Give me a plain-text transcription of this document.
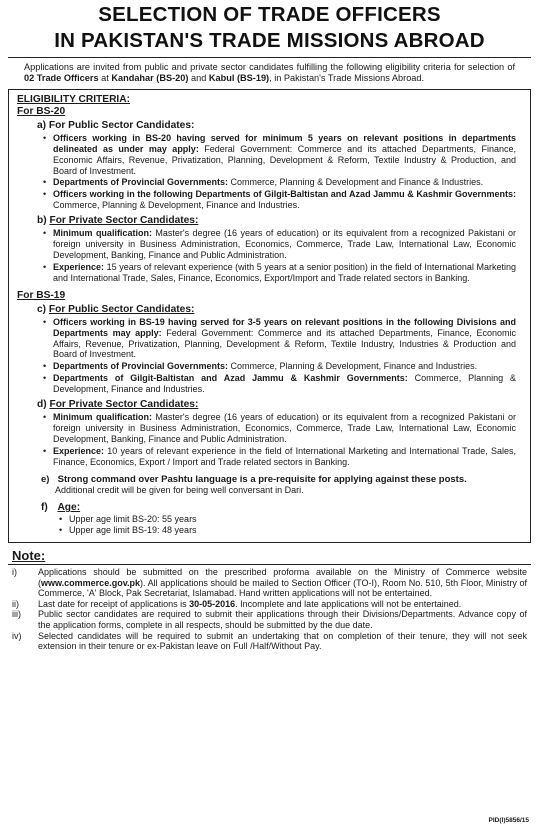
SELECTION OF TRADE OFFICERS
IN PAKISTAN'S TRADE MISSIONS ABROAD
Applications are invited from public and private sector candidates fulfilling the following eligibility criteria for selection of 02 Trade Officers at Kandahar (BS-20) and Kabul (BS-19), in Pakistan's Trade Missions Abroad.
ELIGIBILITY CRITERIA:
For BS-20
a) For Public Sector Candidates:
• Officers working in BS-20 having served for minimum 5 years on relevant positions in departments delineated as under may apply: Federal Government: Commerce and its attached Departments, Finance, Economic Affairs, Revenue, Privatization, Planning, Development & Reform, Textile Industry & Production, and Board of Investment.
• Departments of Provincial Governments: Commerce, Planning & Development and Finance & Industries.
• Officers working in the following Departments of Gilgit-Baltistan and Azad Jammu & Kashmir Governments: Commerce, Planning & Development, Finance and Industries.
b) For Private Sector Candidates:
• Minimum qualification: Master's degree (16 years of education) or its equivalent from a recognized Pakistani or foreign university in Business Administration, Economics, Commerce, Trade Law, International Law, Economic Development, Banking, Finance and Public Administration.
• Experience: 15 years of relevant experience (with 5 years at a senior position) in the field of International Marketing and International Trade, Sales, Finance, Economics, Export/Import and Trade related sectors in Banking.
For BS-19
c) For Public Sector Candidates:
• Officers working in BS-19 having served for 3-5 years on relevant positions in the following Divisions and Departments may apply: Federal Government: Commerce and its attached Departments, Finance, Economic Affairs, Revenue, Privatization, Planning, Development & Reform, Textile Industry, Industries & Production and Board of Investment.
• Departments of Provincial Governments: Commerce, Planning & Development, Finance and Industries.
• Departments of Gilgit-Baltistan and Azad Jammu & Kashmir Governments: Commerce, Planning & Development, Finance and Industries.
d) For Private Sector Candidates:
• Minimum qualification: Master's degree (16 years of education) or its equivalent from a recognized Pakistani or foreign university in Business Administration, Economics, Commerce, Trade Law, International Law, Economic Development, Banking, Finance and Public Administration.
• Experience: 10 years of relevant experience in the field of International Marketing and International Trade, Sales, Finance, Economics, Export / Import and Trade related sectors in Banking.
e) Strong command over Pashtu language is a pre-requisite for applying against these posts.
Additional credit will be given for being well conversant in Dari.
f) Age:
• Upper age limit BS-20: 55 years
• Upper age limit BS-19: 48 years
Note:
i)	Applications should be submitted on the prescribed proforma available on the Ministry of Commerce website (www.commerce.gov.pk). All applications should be mailed to Section Officer (TO-I), Room No. 510, 5th Floor, Ministry of Commerce, 'A' Block, Pak Secretariat, Islamabad. Hand written applications will not be entertained.
ii)	Last date for receipt of applications is 30-05-2016. Incomplete and late applications will not be entertained.
iii)	Public sector candidates are required to submit their applications through their Divisions/Departments. Advance copy of the application forms, complete in all respects, should be submitted by the due date.
iv)	Selected candidates will be required to submit an undertaking that on completion of their tenure, they will not seek extension in their tenure or ex-Pakistan leave on Full /Half/Without Pay.
PID(I)5856/15
